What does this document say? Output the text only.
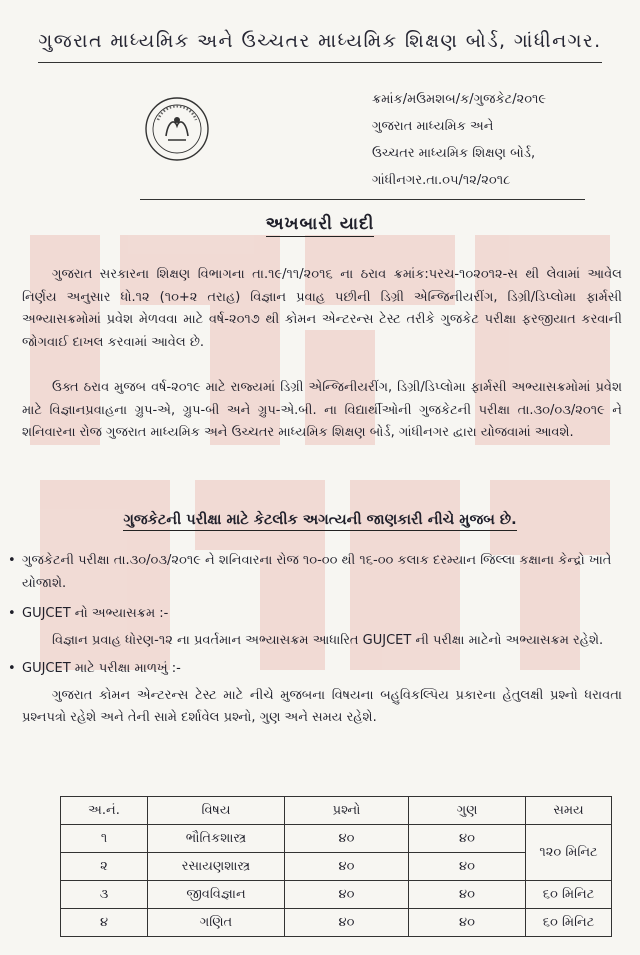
ગુજરાત માધ્યમિક અને ઉચ્ચતર માધ્યમિક શિક્ષણ બોર્ડ, ગાંધીનગર.
ક્રમાંક/મઉમશબ/ક/ગુજકેટ/૨૦૧૯
ગુજરાત માધ્યમિક અને
ઉચ્ચતર માધ્યમિક શિક્ષણ બોર્ડ,
ગાંધીનગર.તા.૦૫/૧૨/૨૦૧૮
અખબારી યાદી
ગુજરાત સરકારના શિક્ષણ વિભાગના તા.૧૯/૧૧/૨૦૧૬ ના ઠરાવ ક્રમાંક:પરચ-૧૦૨૦૧૨-સ થી લેવામાં આવેલ નિર્ણય અનુસાર ધો.૧૨ (૧૦+૨ તરાહ) વિજ્ઞાન પ્રવાહ પછીની ડિગ્રી એન્જિનીયરીંગ, ડિગ્રી/ડિપ્લોમા ફાર્મસી અભ્યાસક્રમોમાં પ્રવેશ મેળવવા માટે વર્ષ-૨૦૧૭ થી કોમન એન્ટરન્સ ટેસ્ટ તરીકે ગુજકેટ પરીક્ષા ફરજીયાત કરવાની જોગવાઈ દાખલ કરવામાં આવેલ છે.
ઉક્ત ઠરાવ મુજબ વર્ષ-૨૦૧૯ માટે રાજ્યમાં ડિગ્રી એન્જિનીયરીંગ, ડિગ્રી/ડિપ્લોમા ફાર્મસી અભ્યાસક્રમોમાં પ્રવેશ માટે વિજ્ઞાનપ્રવાહના ગ્રુપ-એ, ગ્રુપ-બી અને ગ્રુપ-એ.બી. ના વિદ્યાર્થીઓની ગુજકેટની પરીક્ષા તા.૩૦/૦૩/૨૦૧૯ ને શનિવારના રોજ ગુજરાત માધ્યમિક અને ઉચ્ચતર માધ્યમિક શિક્ષણ બોર્ડ, ગાંધીનગર દ્વારા યોજવામાં આવશે.
ગુજકેટની પરીક્ષા માટે કેટલીક અગત્યની જાણકારી નીચે મુજબ છે.
• ગુજકેટની પરીક્ષા તા.૩૦/૦૩/૨૦૧૯ ને શનિવારના રોજ ૧૦-૦૦ થી ૧૬-૦૦ કલાક દરમ્યાન જિલ્લા કક્ષાના કેન્દ્રો ખાતે યોજાશે.
• GUJCET નો અભ્યાસક્રમ :-
વિજ્ઞાન પ્રવાહ ધોરણ-૧૨ ના પ્રવર્તમાન અભ્યાસક્રમ આધારિત GUJCET ની પરીક્ષા માટેનો અભ્યાસક્રમ રહેશે.
• GUJCET માટે પરીક્ષા માળખું :-
ગુજરાત કોમન એન્ટરન્સ ટેસ્ટ માટે નીચે મુજબના વિષયના બહુવિકલ્પિય પ્રકારના હેતુલક્ષી પ્રશ્નો ધરાવતા પ્રશ્નપત્રો રહેશે અને તેની સામે દર્શાવેલ પ્રશ્નો, ગુણ અને સમય રહેશે.
અ.નં.	વિષય	પ્રશ્નો	ગુણ	સમય
૧	ભૌતિકશાસ્ત્ર	૪૦	૪૦	૧૨૦ મિનિટ
૨	રસાયણશાસ્ત્ર	૪૦	૪૦	
૩	જીવવિજ્ઞાન	૪૦	૪૦	૬૦ મિનિટ
૪	ગણિત	૪૦	૪૦	૬૦ મિનિટ
